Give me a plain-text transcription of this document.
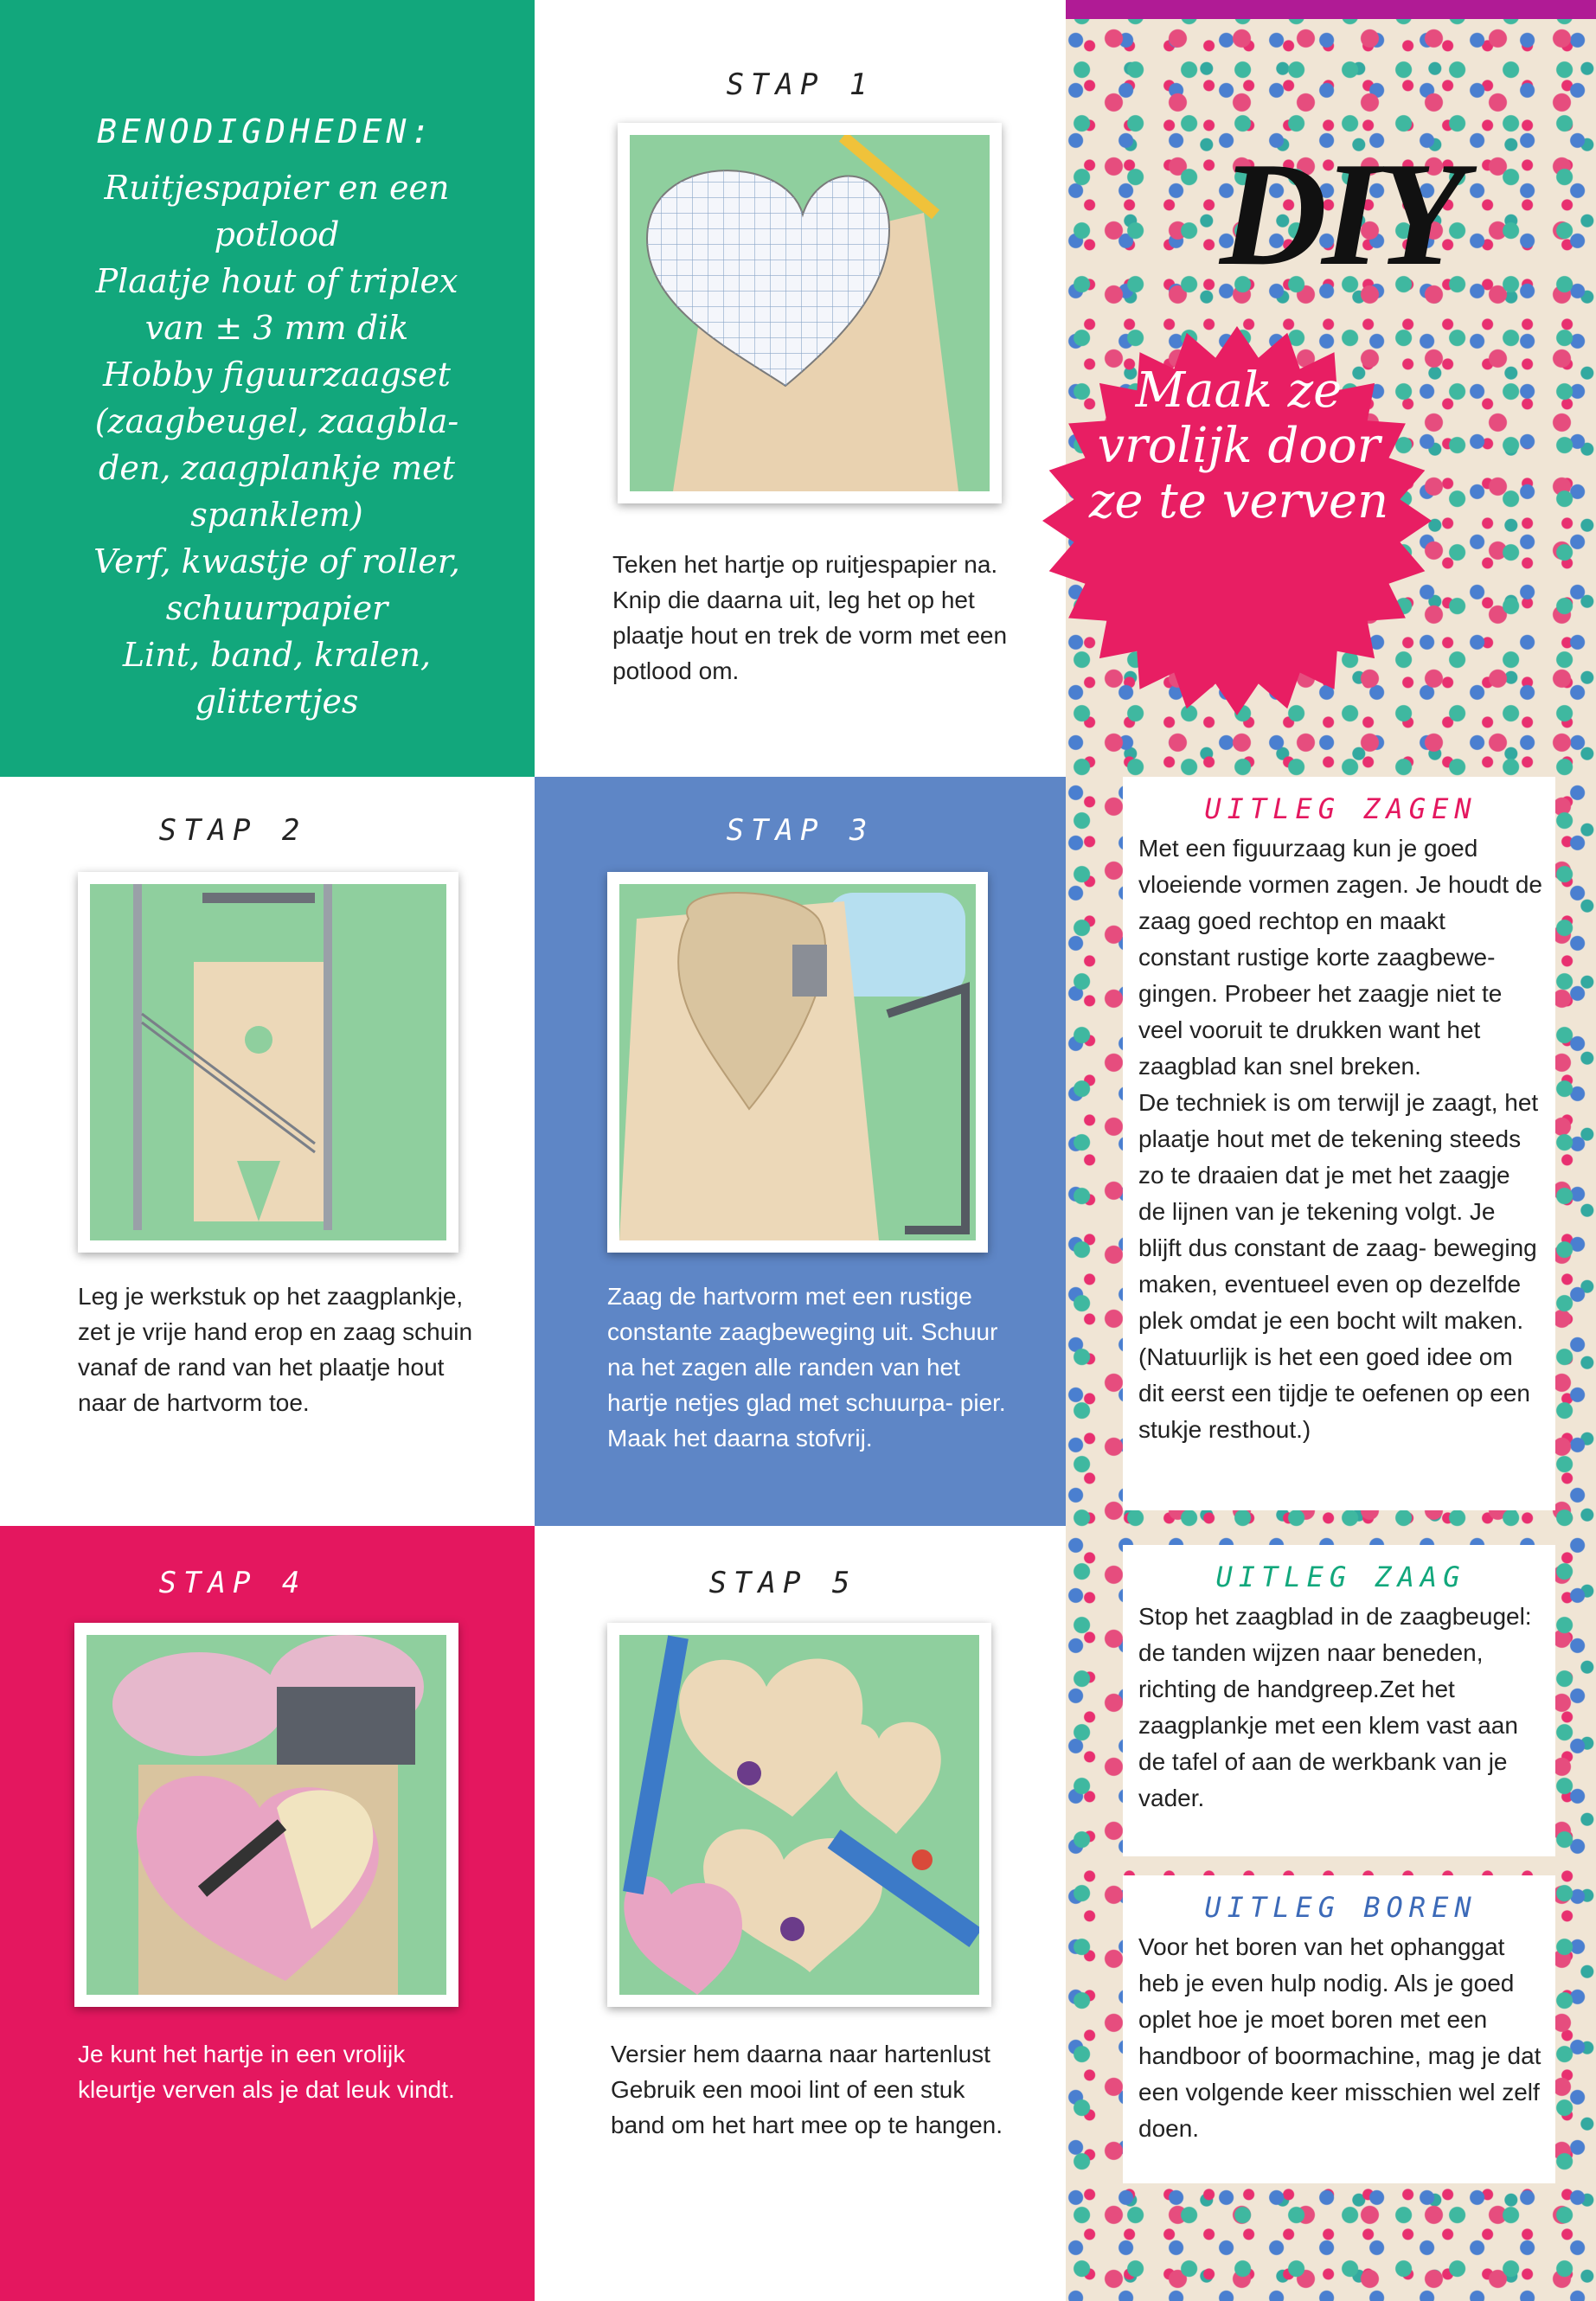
BENODIGDHEDEN:
Ruitjespapier en een
potlood
Plaatje hout of triplex
van ± 3 mm dik
Hobby figuurzaagset
(zaagbeugel, zaagbla-
den, zaagplankje met
spanklem)
Verf, kwastje of roller,
schuurpapier
Lint, band, kralen,
glittertjes
STAP 1
Teken het hartje op ruitjespapier na. Knip die daarna uit, leg het op het plaatje hout en trek de vorm met een potlood om.
STAP 2
Leg je werkstuk op het zaagplankje, zet je vrije hand erop en zaag schuin vanaf de rand van het plaatje hout naar de hartvorm toe.
STAP 3
Zaag de hartvorm met een rustige constante zaagbeweging uit. Schuur na het zagen alle randen van het hartje netjes glad met schuurpa- pier. Maak het daarna stofvrij.
STAP 4
Je kunt het hartje in een vrolijk kleurtje verven als je dat leuk vindt.
STAP 5
Versier hem daarna naar hartenlust Gebruik een mooi lint of een stuk band om het hart mee op te hangen.
UITLEG ZAGEN
Met een figuurzaag kun je goed vloeiende vormen zagen. Je houdt de zaag goed rechtop en maakt constant rustige korte zaagbewe- gingen. Probeer het zaagje niet te veel vooruit te drukken want het zaagblad kan snel breken.
De techniek is om terwijl je zaagt, het plaatje hout met de tekening steeds zo te draaien dat je met het zaagje de lijnen van je tekening volgt. Je blijft dus constant de zaag- beweging maken, eventueel even op dezelfde plek omdat je een bocht wilt maken.
(Natuurlijk is het een goed idee om dit eerst een tijdje te oefenen op een stukje resthout.)
UITLEG ZAAG
Stop het zaagblad in de zaagbeugel: de tanden wijzen naar beneden, richting de handgreep.Zet het zaagplankje met een klem vast aan de tafel of aan de werkbank van je vader.
UITLEG BOREN
Voor het boren van het ophanggat heb je even hulp nodig. Als je goed oplet hoe je moet boren met een handboor of boormachine, mag je dat een volgende keer misschien wel zelf doen.
DIY
Maak ze vrolijk door ze te verven
